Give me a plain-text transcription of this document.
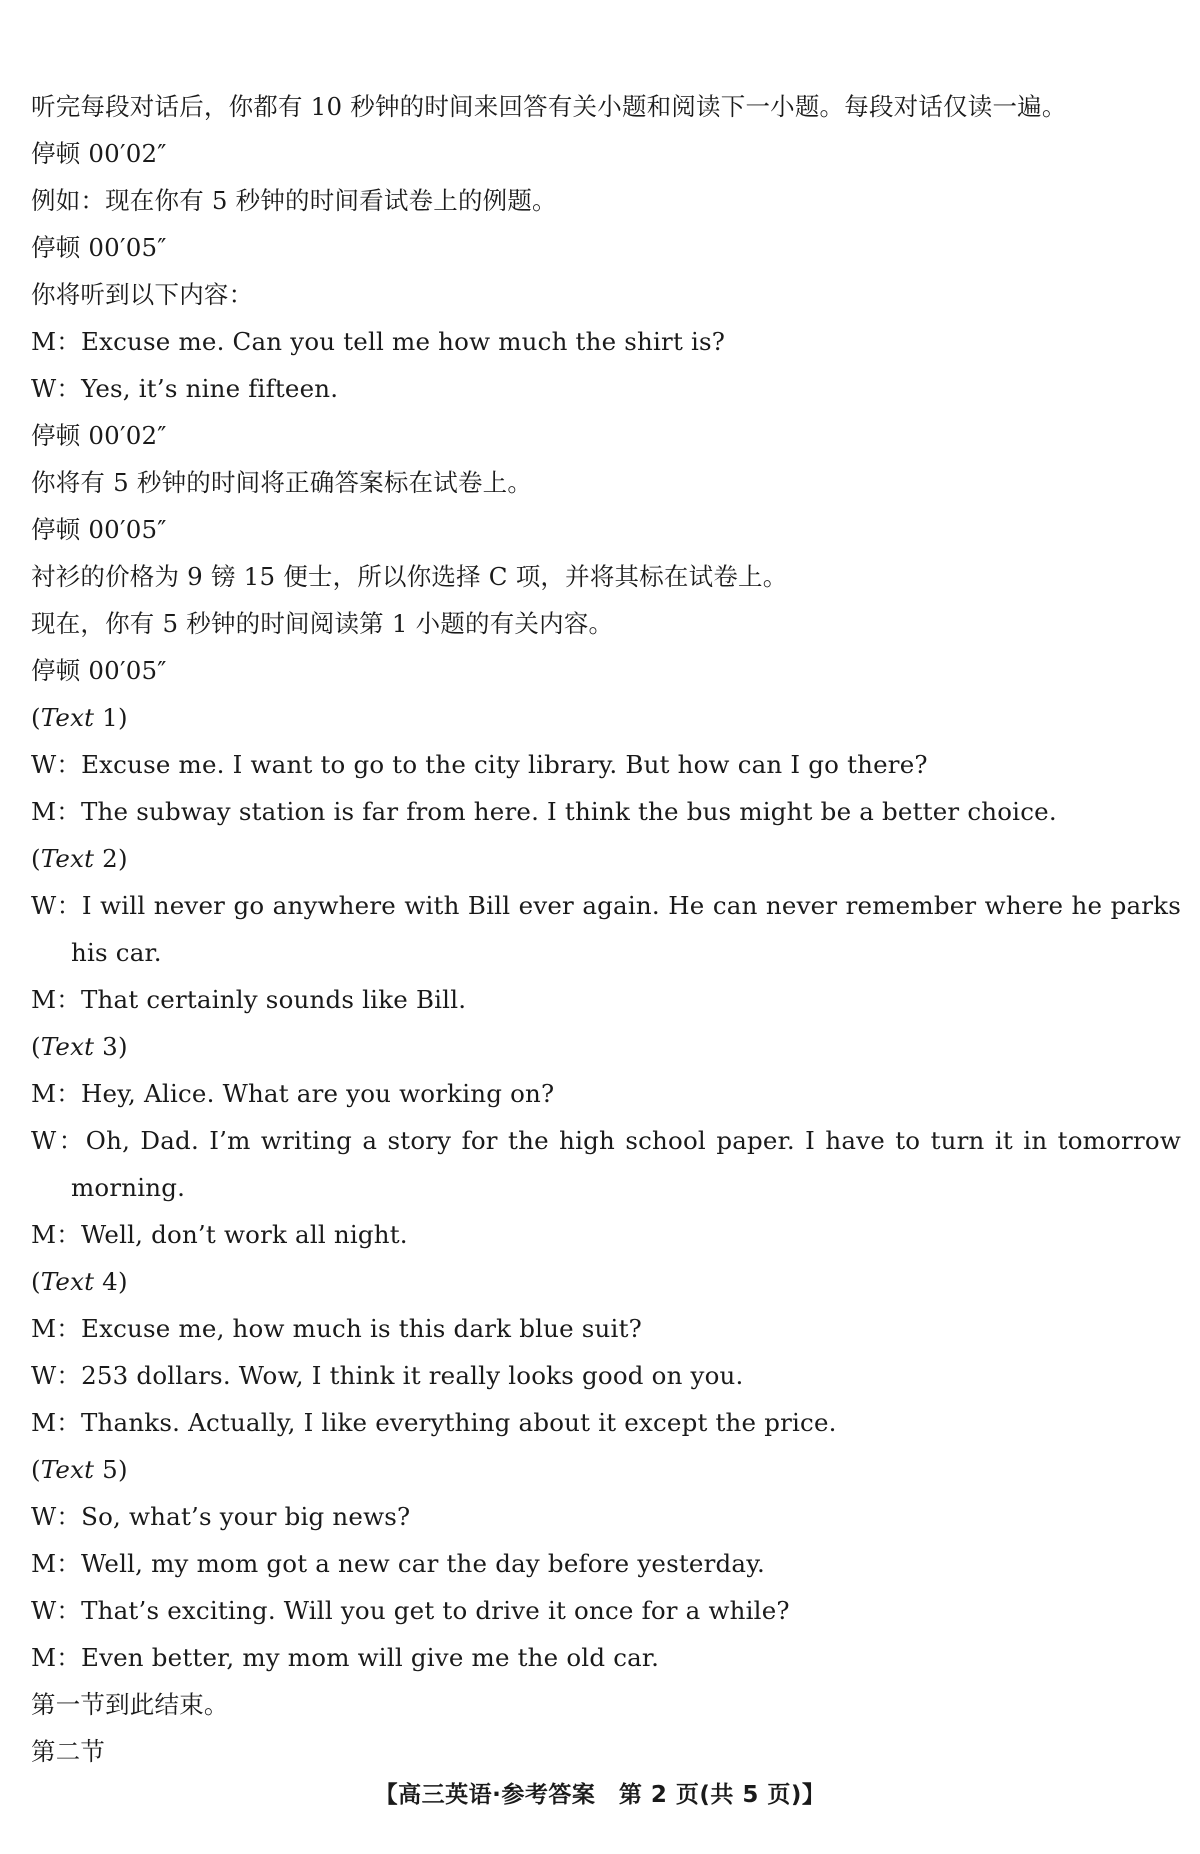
听完每段对话后，你都有 10 秒钟的时间来回答有关小题和阅读下一小题。每段对话仅读一遍。
停顿 00′02″
例如：现在你有 5 秒钟的时间看试卷上的例题。
停顿 00′05″
你将听到以下内容：
M：Excuse me. Can you tell me how much the shirt is?
W：Yes, it’s nine fifteen.
停顿 00′02″
你将有 5 秒钟的时间将正确答案标在试卷上。
停顿 00′05″
衬衫的价格为 9 镑 15 便士，所以你选择 C 项，并将其标在试卷上。
现在，你有 5 秒钟的时间阅读第 1 小题的有关内容。
停顿 00′05″
(Text 1)
W：Excuse me. I want to go to the city library. But how can I go there?
M：The subway station is far from here. I think the bus might be a better choice.
(Text 2)
W：I will never go anywhere with Bill ever again. He can never remember where he parks his car.
M：That certainly sounds like Bill.
(Text 3)
M：Hey, Alice. What are you working on?
W：Oh, Dad. I’m writing a story for the high school paper. I have to turn it in tomorrow morning.
M：Well, don’t work all night.
(Text 4)
M：Excuse me, how much is this dark blue suit?
W：253 dollars. Wow, I think it really looks good on you.
M：Thanks. Actually, I like everything about it except the price.
(Text 5)
W：So, what’s your big news?
M：Well, my mom got a new car the day before yesterday.
W：That’s exciting. Will you get to drive it once for a while?
M：Even better, my mom will give me the old car.
第一节到此结束。
第二节
【高三英语·参考答案　第 2 页(共 5 页)】
